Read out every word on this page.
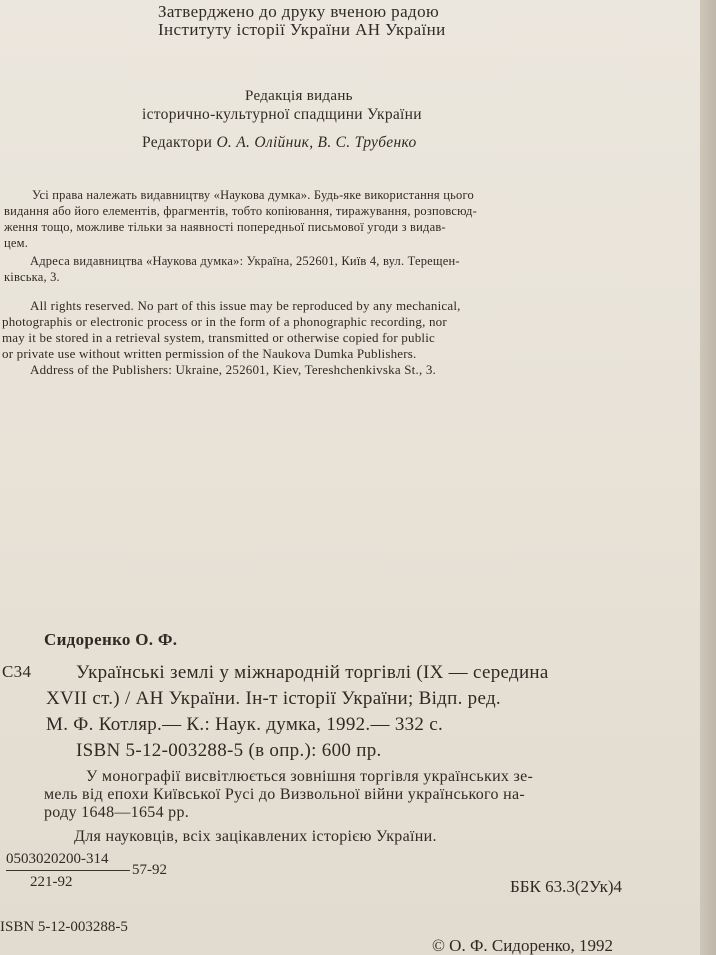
Затверджено до друку вченою радою
Інституту історії України АН України
Редакція видань
історично-культурної спадщини України
Редактори О. А. Олійник, В. С. Трубенко
Усі права належать видавництву «Наукова думка». Будь-яке використання цього
видання або його елементів, фрагментів, тобто копіювання, тиражування, розповсюд-
ження тощо, можливе тільки за наявності попередньої письмової угоди з видав-
цем.
Адреса видавництва «Наукова думка»: Україна, 252601, Київ 4, вул. Терещен-
ківська, 3.
All rights reserved. No part of this issue may be reproduced by any mechanical,
photographis or electronic process or in the form of a phonographic recording, nor
may it be stored in a retrieval system, transmitted or otherwise copied for public
or private use without written permission of the Naukova Dumka Publishers.
Address of the Publishers: Ukraine, 252601, Kiev, Tereshchenkivska St., 3.
Сидоренко О. Ф.
С34 Українські землі у міжнародній торгівлі (IX — середина
XVII ст.) / АН України. Ін-т історії України; Відп. ред.
М. Ф. Котляр.— К.: Наук. думка, 1992.— 332 с.
ISBN 5-12-003288-5 (в опр.): 600 пр.
У монографії висвітлюється зовнішня торгівля українських зе-
мель від епохи Київської Русі до Визвольної війни українського на-
роду 1648—1654 рр.
Для науковців, всіх зацікавлених історією України.
0503020200-314
57-92
221-92	ББК 63.3(2Ук)4
ISBN 5-12-003288-5
© О. Ф. Сидоренко, 1992
